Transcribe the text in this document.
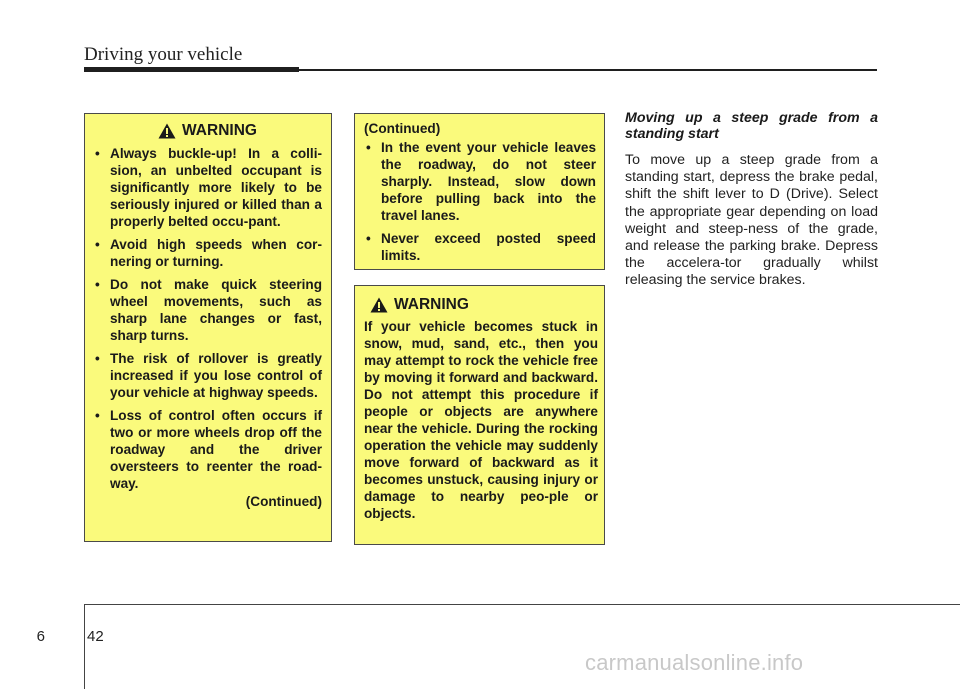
Driving your vehicle
WARNING
• Always buckle-up! In a colli-sion, an unbelted occupant is significantly more likely to be seriously injured or killed than a properly belted occu-pant.
• Avoid high speeds when cor-nering or turning.
• Do not make quick steering wheel movements, such as sharp lane changes or fast, sharp turns.
• The risk of rollover is greatly increased if you lose control of your vehicle at highway speeds.
• Loss of control often occurs if two or more wheels drop off the roadway and the driver oversteers to reenter the road-way.
(Continued)
(Continued)
• In the event your vehicle leaves the roadway, do not steer sharply. Instead, slow down before pulling back into the travel lanes.
• Never exceed posted speed limits.
WARNING
If your vehicle becomes stuck in snow, mud, sand, etc., then you may attempt to rock the vehicle free by moving it forward and backward. Do not attempt this procedure if people or objects are anywhere near the vehicle. During the rocking operation the vehicle may suddenly move forward of backward as it becomes unstuck, causing injury or damage to nearby peo-ple or objects.
Moving up a steep grade from a standing start
To move up a steep grade from a standing start, depress the brake pedal, shift the shift lever to D (Drive). Select the appropriate gear depending on load weight and steep-ness of the grade, and release the parking brake. Depress the accelera-tor gradually whilst releasing the service brakes.
6	42
carmanualsonline.info
